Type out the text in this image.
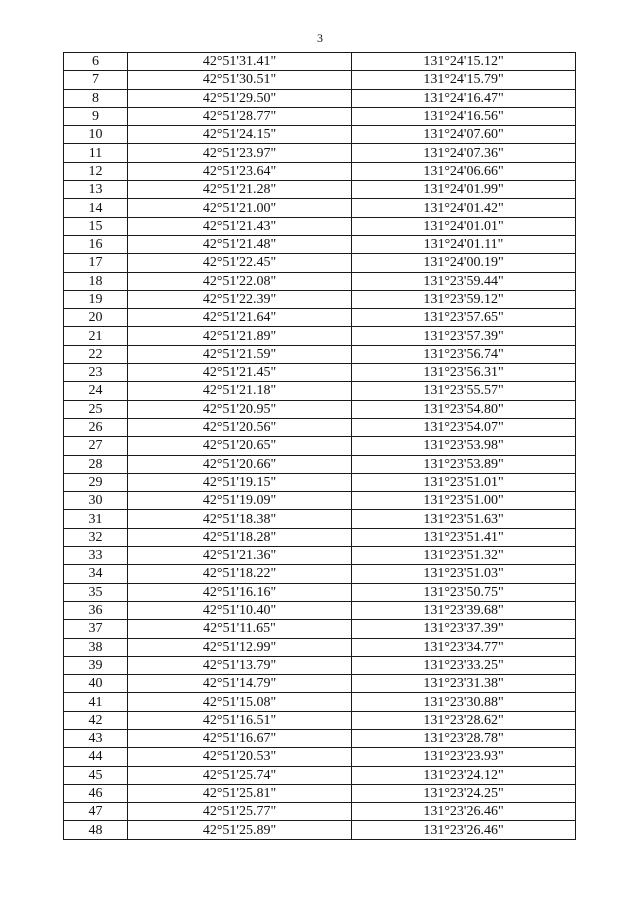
3
6	42°51'31.41"	131°24'15.12"
7	42°51'30.51"	131°24'15.79"
8	42°51'29.50"	131°24'16.47"
9	42°51'28.77"	131°24'16.56"
10	42°51'24.15"	131°24'07.60"
11	42°51'23.97"	131°24'07.36"
12	42°51'23.64"	131°24'06.66"
13	42°51'21.28"	131°24'01.99"
14	42°51'21.00"	131°24'01.42"
15	42°51'21.43"	131°24'01.01"
16	42°51'21.48"	131°24'01.11"
17	42°51'22.45"	131°24'00.19"
18	42°51'22.08"	131°23'59.44"
19	42°51'22.39"	131°23'59.12"
20	42°51'21.64"	131°23'57.65"
21	42°51'21.89"	131°23'57.39"
22	42°51'21.59"	131°23'56.74"
23	42°51'21.45"	131°23'56.31"
24	42°51'21.18"	131°23'55.57"
25	42°51'20.95"	131°23'54.80"
26	42°51'20.56"	131°23'54.07"
27	42°51'20.65"	131°23'53.98"
28	42°51'20.66"	131°23'53.89"
29	42°51'19.15"	131°23'51.01"
30	42°51'19.09"	131°23'51.00"
31	42°51'18.38"	131°23'51.63"
32	42°51'18.28"	131°23'51.41"
33	42°51'21.36"	131°23'51.32"
34	42°51'18.22"	131°23'51.03"
35	42°51'16.16"	131°23'50.75"
36	42°51'10.40"	131°23'39.68"
37	42°51'11.65"	131°23'37.39"
38	42°51'12.99"	131°23'34.77"
39	42°51'13.79"	131°23'33.25"
40	42°51'14.79"	131°23'31.38"
41	42°51'15.08"	131°23'30.88"
42	42°51'16.51"	131°23'28.62"
43	42°51'16.67"	131°23'28.78"
44	42°51'20.53"	131°23'23.93"
45	42°51'25.74"	131°23'24.12"
46	42°51'25.81"	131°23'24.25"
47	42°51'25.77"	131°23'26.46"
48	42°51'25.89"	131°23'26.46"
